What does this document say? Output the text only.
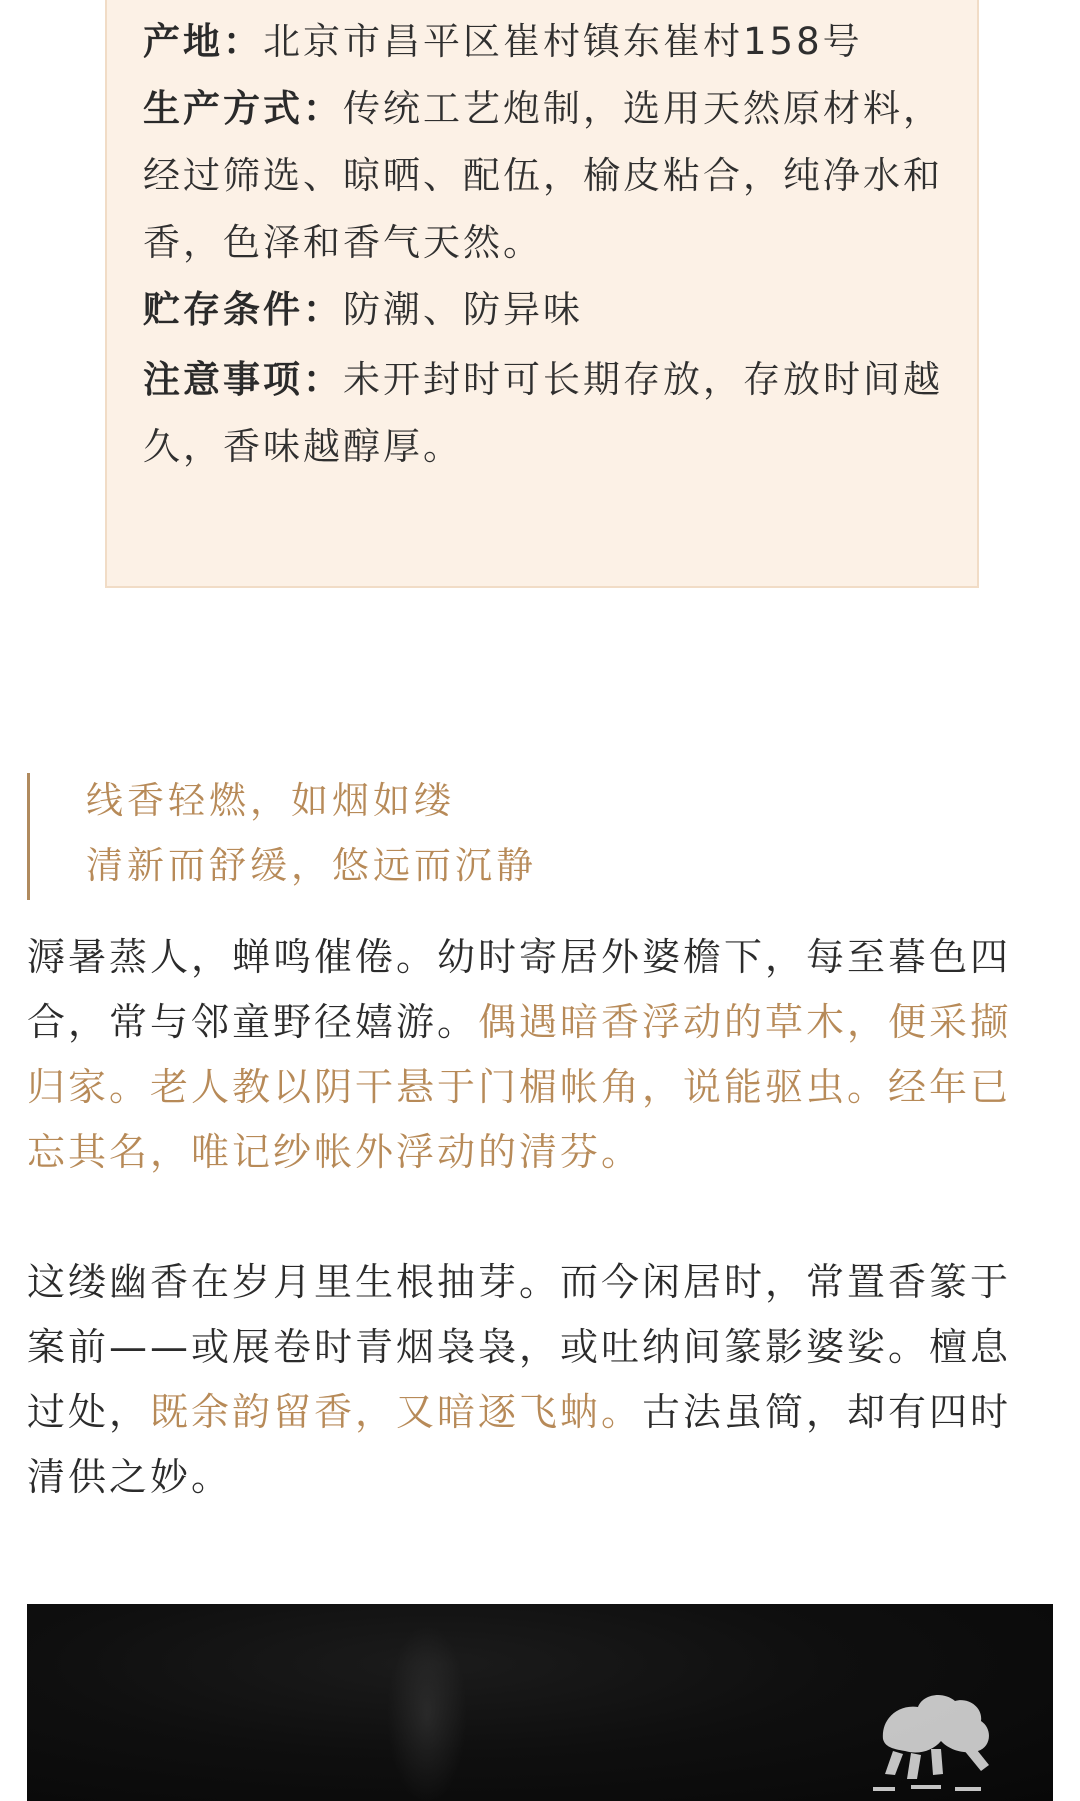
产地：北京市昌平区崔村镇东崔村158号
生产方式：传统工艺炮制，选用天然原材料，
经过筛选、晾晒、配伍，榆皮粘合，纯净水和
香，色泽和香气天然。
贮存条件：防潮、防异味
注意事项：未开封时可长期存放，存放时间越
久，香味越醇厚。
线香轻燃，如烟如缕
清新而舒缓，悠远而沉静
溽暑蒸人，蝉鸣催倦。幼时寄居外婆檐下，每至暮色四
合，常与邻童野径嬉游。偶遇暗香浮动的草木，便采撷
归家。老人教以阴干悬于门楣帐角，说能驱虫。经年已
忘其名，唯记纱帐外浮动的清芬。
这缕幽香在岁月里生根抽芽。而今闲居时，常置香篆于
案前——或展卷时青烟袅袅，或吐纳间篆影婆娑。檀息
过处，既余韵留香，又暗逐飞蚋。古法虽简，却有四时
清供之妙。
